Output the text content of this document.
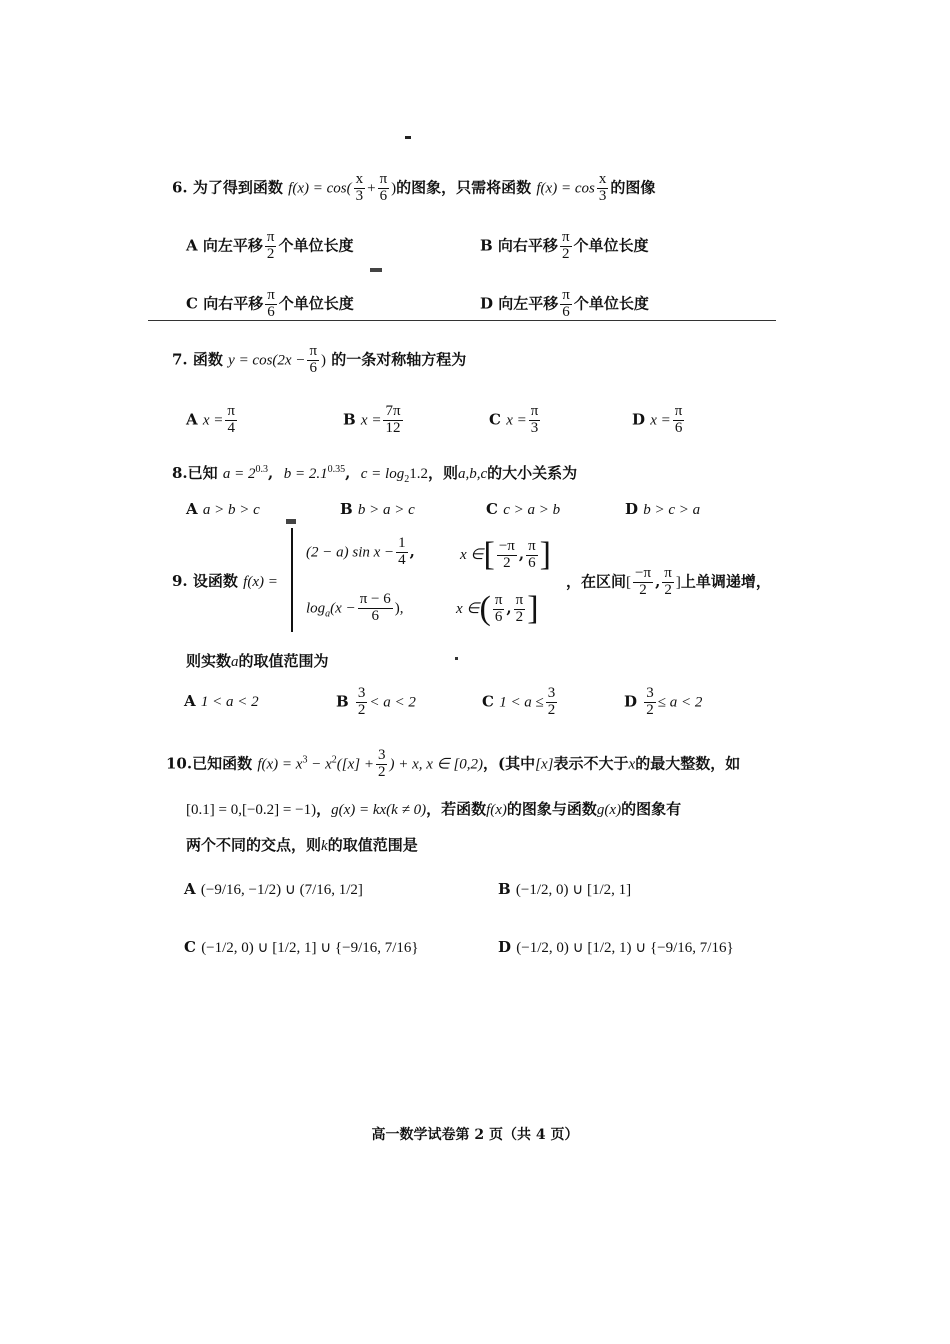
6. 为了得到函数 $f(x) = \cos( \frac{x}{3} + \frac{\pi}{6}$ )的图象，只需将函数 $f(x) = \cos \frac{x}{3}$ 的图像
A 向左平移 $\frac{\pi}{2}$ 个单位长度	B 向右平移 $\frac{\pi}{2}$ 个单位长度
C 向右平移 $\frac{\pi}{6}$ 个单位长度	D 向左平移 $\frac{\pi}{6}$ 个单位长度
7. 函数 $y = \cos(2x - \frac{\pi}{6}$ ) 的一条对称轴方程为
A $x = \frac{\pi}{4}$	B $x = \frac{7\pi}{12}$	C $x = \frac{\pi}{3}$	D $x = \frac{\pi}{6}$
8.已知 $a = 2^{0.3}$,  $b = 2.1^{0.35}$,  $c = \log_21.2$，则a,b,c的大小关系为
A a > b > c	B b > a > c	C c > a > b	D b > c > a
9. 设函数 f(x) =
(2 − a) $\sin x - \frac{1}{4}$ ,	x ∈[ $\frac{-\pi}{2}$ , $\frac{\pi}{6}$ ]
$\log_a(x - \frac{\pi - 6}{6}$ ),	x ∈( $\frac{\pi}{6}$ , $\frac{\pi}{2}$ ]
，在区间[ $\frac{-\pi}{2}$ , $\frac{\pi}{2}$ ]上单调递增，
则实数a的取值范围为
A 1 < a < 2	B $\frac{3}{2} < a < 2$	C $1 < a \le \frac{3}{2}$	D $\frac{3}{2} \le a < 2$
10.已知函数 $f(x) = x^3 - x^2([x] + \frac{3}{2}$ ) + x, x ∈ [0,2)，(其中[x]表示不大于x的最大整数，如
[0.1] = 0,[−0.2] = −1)，g(x) = kx(k ≠ 0)，若函数f(x)的图象与函数g(x)的图象有
两个不同的交点，则k的取值范围是
A (−9/16, −1/2) ∪ (7/16, 1/2]	B (−1/2, 0) ∪ [1/2, 1]
C (−1/2, 0) ∪ [1/2, 1] ∪ {−9/16, 7/16}	D (−1/2, 0) ∪ [1/2, 1) ∪ {−9/16, 7/16}
高一数学试卷第 2 页（共 4 页）
